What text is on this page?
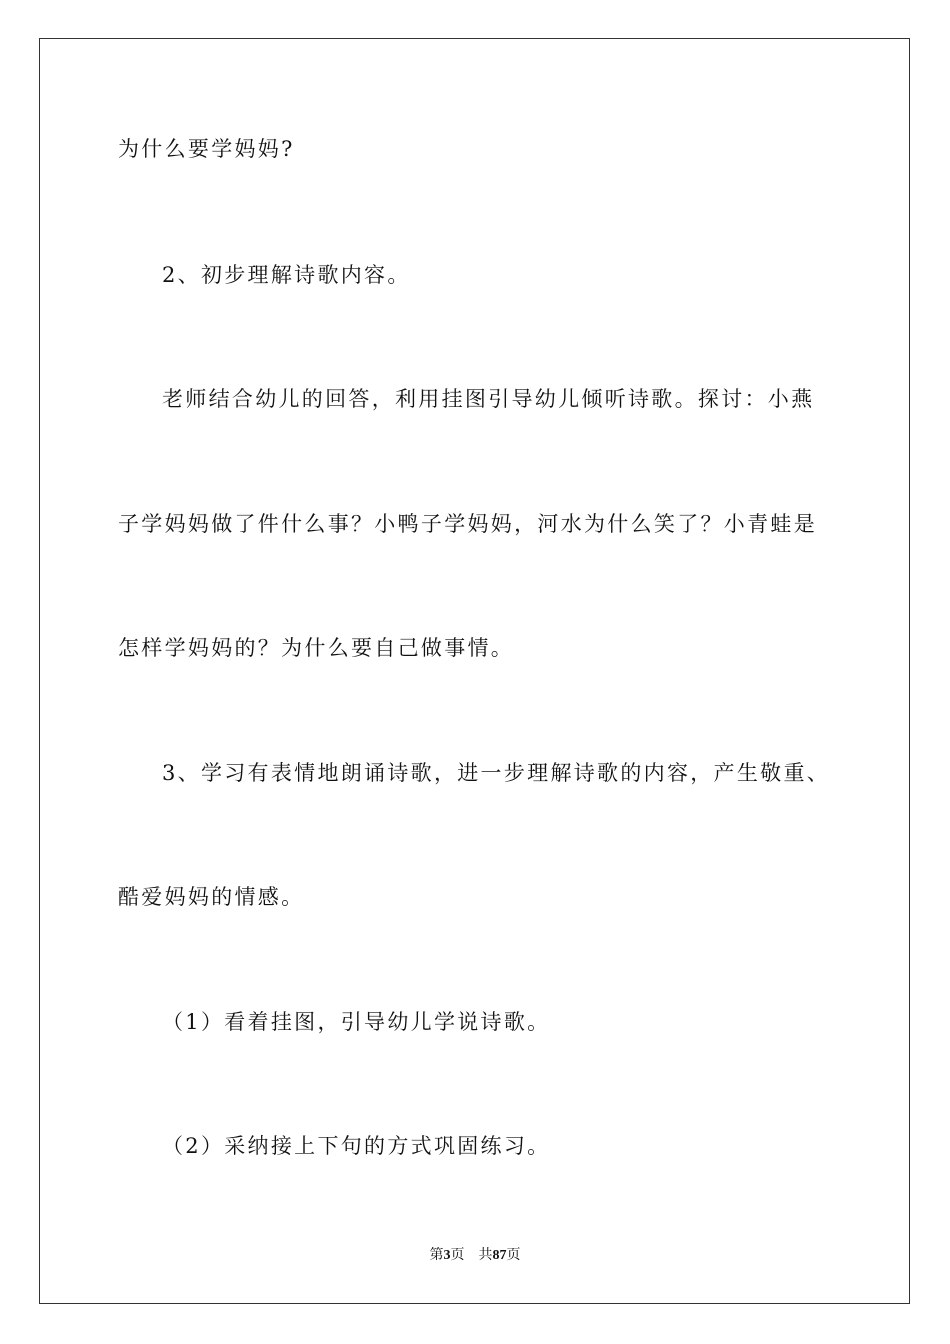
为什么要学妈妈?
2、初步理解诗歌内容。
老师结合幼儿的回答，利用挂图引导幼儿倾听诗歌。探讨：小燕
子学妈妈做了件什么事？小鸭子学妈妈，河水为什么笑了？小青蛙是
怎样学妈妈的？为什么要自己做事情。
3、学习有表情地朗诵诗歌，进一步理解诗歌的内容，产生敬重、
酷爱妈妈的情感。
（1）看着挂图，引导幼儿学说诗歌。
（2）采纳接上下句的方式巩固练习。
第3页 共87页
